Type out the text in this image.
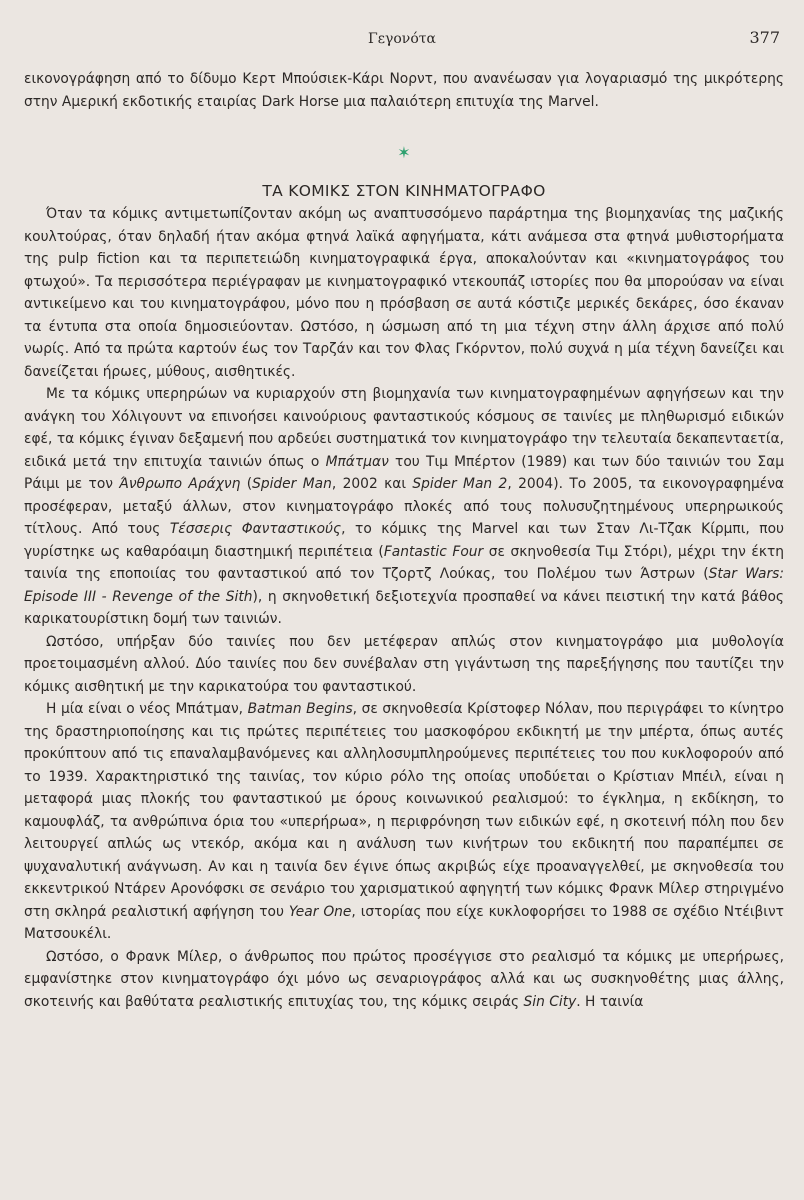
Γεγονότα	377

εικονογράφηση από το δίδυμο Κερτ Μπούσιεκ-Κάρι Νορντ, που ανανέωσαν για λογαριασμό της μικρότερης στην Αμερική εκδοτικής εταιρίας Dark Horse μια παλαιότερη επιτυχία της Marvel.

✶
ΤΑ ΚΟΜΙΚΣ ΣΤΟΝ ΚΙΝΗΜΑΤΟΓΡΑΦΟ

Όταν τα κόμικς αντιμετωπίζονταν ακόμη ως αναπτυσσόμενο παράρτημα της βιομηχανίας της μαζικής κουλτούρας, όταν δηλαδή ήταν ακόμα φτηνά λαϊκά αφηγήματα, κάτι ανάμεσα στα φτηνά μυθιστορήματα της pulp fiction και τα περιπετειώδη κινηματογραφικά έργα, αποκαλούνταν και «κινηματογράφος του φτωχού». Τα περισσότερα περιέγραφαν με κινηματογραφικό ντεκουπάζ ιστορίες που θα μπορούσαν να είναι αντικείμενο και του κινηματογράφου, μόνο που η πρόσβαση σε αυτά κόστιζε μερικές δεκάρες, όσο έκαναν τα έντυπα στα οποία δημοσιεύονταν. Ωστόσο, η ώσμωση από τη μια τέχνη στην άλλη άρχισε από πολύ νωρίς. Από τα πρώτα καρτούν έως τον Ταρζάν και τον Φλας Γκόρντον, πολύ συχνά η μία τέχνη δανείζει και δανείζεται ήρωες, μύθους, αισθητικές.

Με τα κόμικς υπερηρώων να κυριαρχούν στη βιομηχανία των κινηματογραφημένων αφηγήσεων και την ανάγκη του Χόλιγουντ να επινοήσει καινούριους φανταστικούς κόσμους σε ταινίες με πληθωρισμό ειδικών εφέ, τα κόμικς έγιναν δεξαμενή που αρδεύει συστηματικά τον κινηματογράφο την τελευταία δεκαπενταετία, ειδικά μετά την επιτυχία ταινιών όπως ο Μπάτμαν του Τιμ Μπέρτον (1989) και των δύο ταινιών του Σαμ Ράιμι με τον Άνθρωπο Αράχνη (Spider Man, 2002 και Spider Man 2, 2004). Το 2005, τα εικονογραφημένα προσέφεραν, μεταξύ άλλων, στον κινηματογράφο πλοκές από τους πολυσυζητημένους υπερηρωικούς τίτλους. Από τους Τέσσερις Φανταστικούς, το κόμικς της Marvel και των Σταν Λι-Τζακ Κίρμπι, που γυρίστηκε ως καθαρόαιμη διαστημική περιπέτεια (Fantastic Four σε σκηνοθεσία Τιμ Στόρι), μέχρι την έκτη ταινία της εποποιίας του φανταστικού από τον Τζορτζ Λούκας, του Πολέμου των Άστρων (Star Wars: Episode III - Revenge of the Sith), η σκηνοθετική δεξιοτεχνία προσπαθεί να κάνει πειστική την κατά βάθος καρικατουρίστικη δομή των ταινιών.

Ωστόσο, υπήρξαν δύο ταινίες που δεν μετέφεραν απλώς στον κινηματογράφο μια μυθολογία προετοιμασμένη αλλού. Δύο ταινίες που δεν συνέβαλαν στη γιγάντωση της παρεξήγησης που ταυτίζει την κόμικς αισθητική με την καρικατούρα του φανταστικού.

Η μία είναι ο νέος Μπάτμαν, Batman Begins, σε σκηνοθεσία Κρίστοφερ Νόλαν, που περιγράφει το κίνητρο της δραστηριοποίησης και τις πρώτες περιπέτειες του μασκοφόρου εκδικητή με την μπέρτα, όπως αυτές προκύπτουν από τις επαναλαμβανόμενες και αλληλοσυμπληρούμενες περιπέτειες του που κυκλοφορούν από το 1939. Χαρακτηριστικό της ταινίας, τον κύριο ρόλο της οποίας υποδύεται ο Κρίστιαν Μπέιλ, είναι η μεταφορά μιας πλοκής του φανταστικού με όρους κοινωνικού ρεαλισμού: το έγκλημα, η εκδίκηση, το καμουφλάζ, τα ανθρώπινα όρια του «υπερήρωα», η περιφρόνηση των ειδικών εφέ, η σκοτεινή πόλη που δεν λειτουργεί απλώς ως ντεκόρ, ακόμα και η ανάλυση των κινήτρων του εκδικητή που παραπέμπει σε ψυχαναλυτική ανάγνωση. Αν και η ταινία δεν έγινε όπως ακριβώς είχε προαναγγελθεί, με σκηνοθεσία του εκκεντρικού Ντάρεν Αρονόφσκι σε σενάριο του χαρισματικού αφηγητή των κόμικς Φρανκ Μίλερ στηριγμένο στη σκληρά ρεαλιστική αφήγηση του Year One, ιστορίας που είχε κυκλοφορήσει το 1988 σε σχέδιο Ντέιβιντ Ματσουκέλι.

Ωστόσο, ο Φρανκ Μίλερ, ο άνθρωπος που πρώτος προσέγγισε στο ρεαλισμό τα κόμικς με υπερήρωες, εμφανίστηκε στον κινηματογράφο όχι μόνο ως σεναριογράφος αλλά και ως συσκηνοθέτης μιας άλλης, σκοτεινής και βαθύτατα ρεαλιστικής επιτυχίας του, της κόμικς σειράς Sin City. Η ταινία
